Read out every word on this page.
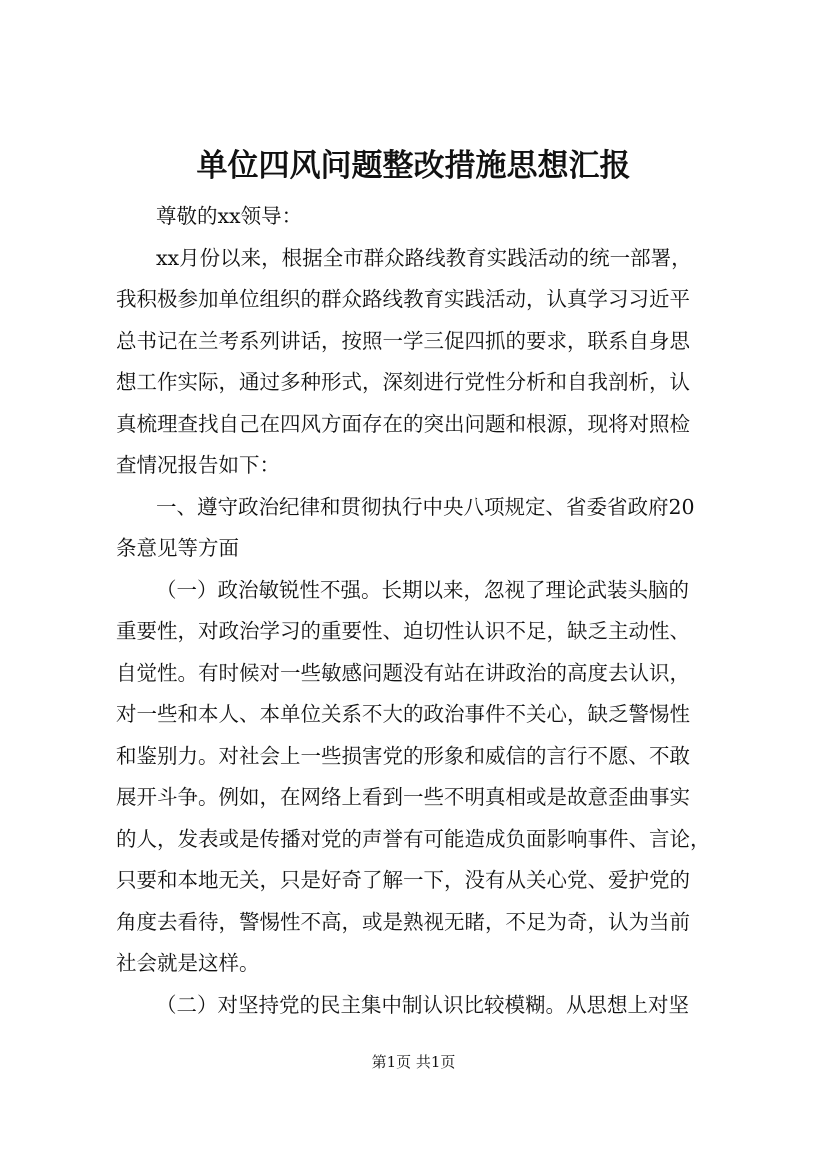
单位四风问题整改措施思想汇报
尊敬的xx领导：
xx月份以来，根据全市群众路线教育实践活动的统一部署，
我积极参加单位组织的群众路线教育实践活动，认真学习习近平
总书记在兰考系列讲话，按照一学三促四抓的要求，联系自身思
想工作实际，通过多种形式，深刻进行党性分析和自我剖析，认
真梳理查找自己在四风方面存在的突出问题和根源，现将对照检
查情况报告如下：
一、遵守政治纪律和贯彻执行中央八项规定、省委省政府20
条意见等方面
（一）政治敏锐性不强。长期以来，忽视了理论武装头脑的
重要性，对政治学习的重要性、迫切性认识不足，缺乏主动性、
自觉性。有时候对一些敏感问题没有站在讲政治的高度去认识，
对一些和本人、本单位关系不大的政治事件不关心，缺乏警惕性
和鉴别力。对社会上一些损害党的形象和威信的言行不愿、不敢
展开斗争。例如，在网络上看到一些不明真相或是故意歪曲事实
的人，发表或是传播对党的声誉有可能造成负面影响事件、言论，
只要和本地无关，只是好奇了解一下，没有从关心党、爱护党的
角度去看待，警惕性不高，或是熟视无睹，不足为奇，认为当前
社会就是这样。
（二）对坚持党的民主集中制认识比较模糊。从思想上对坚
第1页 共1页
